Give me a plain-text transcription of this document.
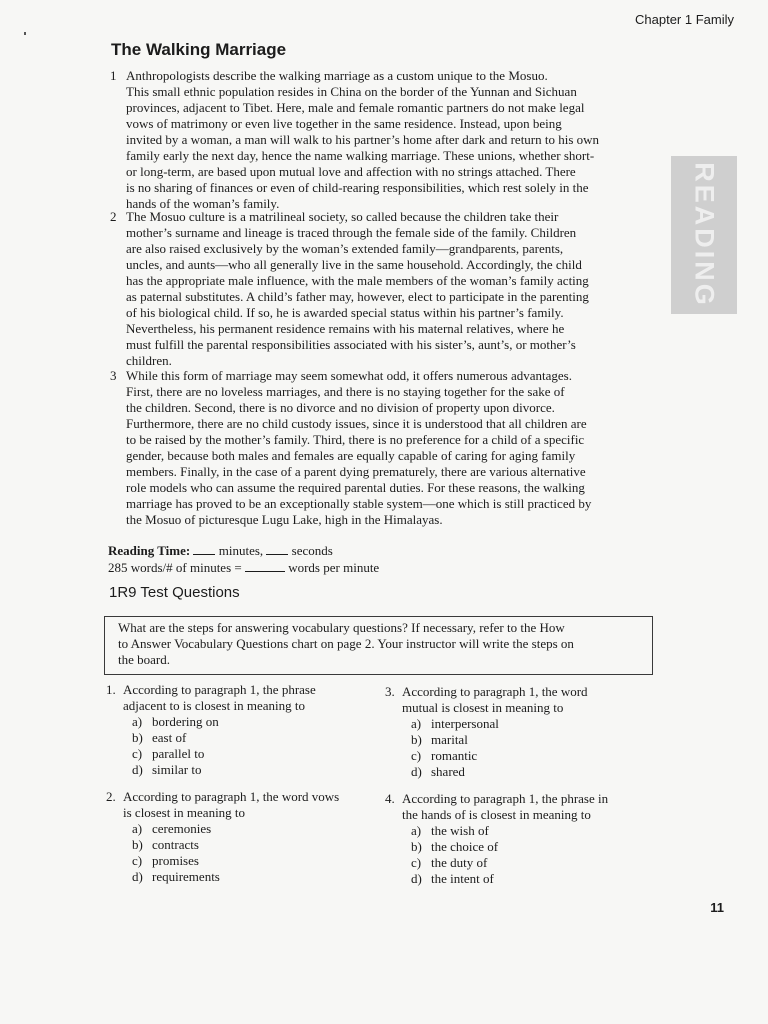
Chapter 1 Family
The Walking Marriage
1 Anthropologists describe the walking marriage as a custom unique to the Mosuo.
This small ethnic population resides in China on the border of the Yunnan and Sichuan
provinces, adjacent to Tibet. Here, male and female romantic partners do not make legal
vows of matrimony or even live together in the same residence. Instead, upon being
invited by a woman, a man will walk to his partner’s home after dark and return to his own
family early the next day, hence the name walking marriage. These unions, whether short-
or long-term, are based upon mutual love and affection with no strings attached. There
is no sharing of finances or even of child-rearing responsibilities, which rest solely in the
hands of the woman’s family.
2 The Mosuo culture is a matrilineal society, so called because the children take their
mother’s surname and lineage is traced through the female side of the family. Children
are also raised exclusively by the woman’s extended family—grandparents, parents,
uncles, and aunts—who all generally live in the same household. Accordingly, the child
has the appropriate male influence, with the male members of the woman’s family acting
as paternal substitutes. A child’s father may, however, elect to participate in the parenting
of his biological child. If so, he is awarded special status within his partner’s family.
Nevertheless, his permanent residence remains with his maternal relatives, where he
must fulfill the parental responsibilities associated with his sister’s, aunt’s, or mother’s
children.
3 While this form of marriage may seem somewhat odd, it offers numerous advantages.
First, there are no loveless marriages, and there is no staying together for the sake of
the children. Second, there is no divorce and no division of property upon divorce.
Furthermore, there are no child custody issues, since it is understood that all children are
to be raised by the mother’s family. Third, there is no preference for a child of a specific
gender, because both males and females are equally capable of caring for aging family
members. Finally, in the case of a parent dying prematurely, there are various alternative
role models who can assume the required parental duties. For these reasons, the walking
marriage has proved to be an exceptionally stable system—one which is still practiced by
the Mosuo of picturesque Lugu Lake, high in the Himalayas.
READING
Reading Time: minutes, seconds
285 words/# of minutes =	words per minute
1R9 Test Questions
What are the steps for answering vocabulary questions? If necessary, refer to the How
to Answer Vocabulary Questions chart on page 2. Your instructor will write the steps on
the board.
1. According to paragraph 1, the phrase
adjacent to is closest in meaning to
a) bordering on
b) east of
c) parallel to
d) similar to
2. According to paragraph 1, the word vows
is closest in meaning to
a) ceremonies
b) contracts
c) promises
d) requirements
3. According to paragraph 1, the word
mutual is closest in meaning to
a) interpersonal
b) marital
c) romantic
d) shared
4. According to paragraph 1, the phrase in
the hands of is closest in meaning to
a) the wish of
b) the choice of
c) the duty of
d) the intent of
11
